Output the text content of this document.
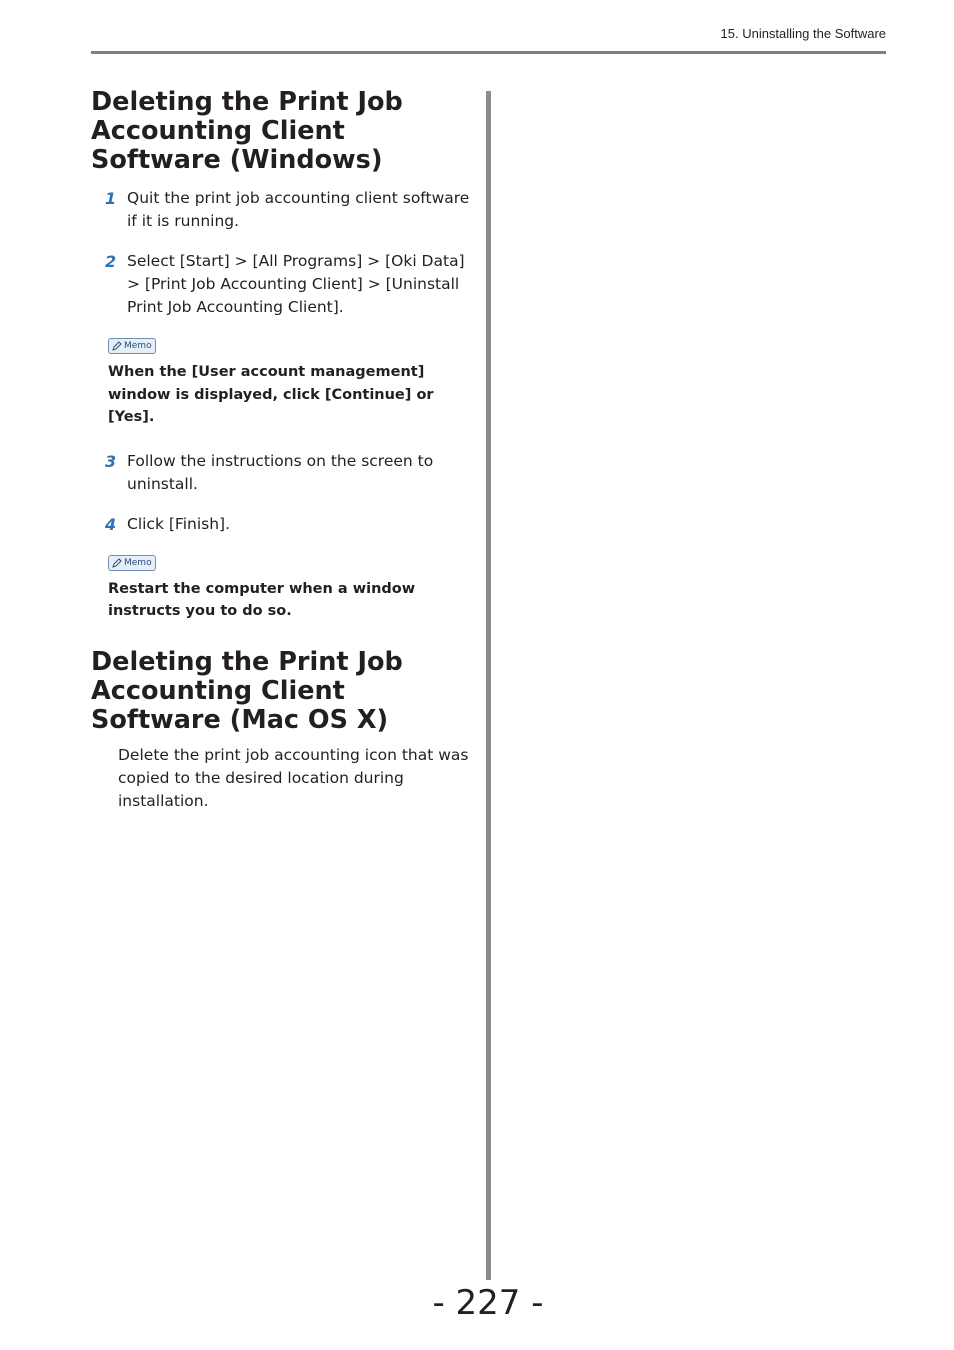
15. Uninstalling the Software
Deleting the Print Job Accounting Client Software (Windows)
1 Quit the print job accounting client software if it is running.
2 Select [Start] > [All Programs] > [Oki Data] > [Print Job Accounting Client] > [Uninstall Print Job Accounting Client].
Memo
When the [User account management] window is displayed, click [Continue] or [Yes].
3 Follow the instructions on the screen to uninstall.
4 Click [Finish].
Memo
Restart the computer when a window instructs you to do so.
Deleting the Print Job Accounting Client Software (Mac OS X)
Delete the print job accounting icon that was copied to the desired location during installation.
- 227 -
